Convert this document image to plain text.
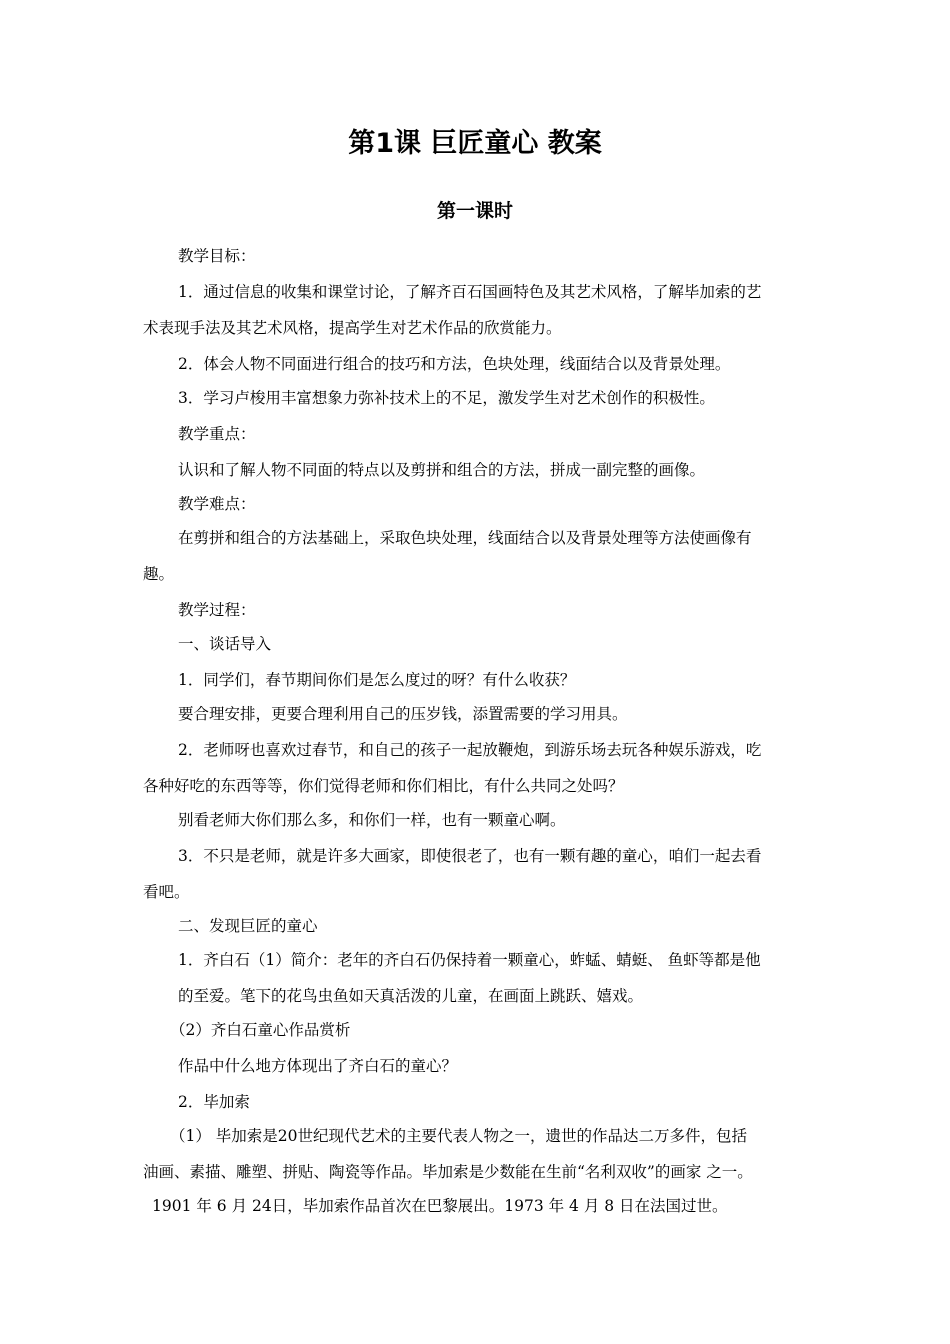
第1课 巨匠童心 教案
第一课时
教学目标：
1．通过信息的收集和课堂讨论，了解齐百石国画特色及其艺术风格，了解毕加索的艺
术表现手法及其艺术风格，提高学生对艺术作品的欣赏能力。
2．体会人物不同面进行组合的技巧和方法，色块处理，线面结合以及背景处理。
3．学习卢梭用丰富想象力弥补技术上的不足，激发学生对艺术创作的积极性。
教学重点：
认识和了解人物不同面的特点以及剪拼和组合的方法，拼成一副完整的画像。
教学难点：
在剪拼和组合的方法基础上，采取色块处理，线面结合以及背景处理等方法使画像有
趣。
教学过程：
一、谈话导入
1．同学们，春节期间你们是怎么度过的呀？有什么收获？
要合理安排，更要合理利用自己的压岁钱，添置需要的学习用具。
2．老师呀也喜欢过春节，和自己的孩子一起放鞭炮，到游乐场去玩各种娱乐游戏，吃
各种好吃的东西等等，你们觉得老师和你们相比，有什么共同之处吗？
别看老师大你们那么多，和你们一样，也有一颗童心啊。
3．不只是老师，就是许多大画家，即使很老了，也有一颗有趣的童心，咱们一起去看
看吧。
二、发现巨匠的童心
1．齐白石（1）简介：老年的齐白石仍保持着一颗童心，蚱蜢、蜻蜓、 鱼虾等都是他
的至爱。笔下的花鸟虫鱼如天真活泼的儿童，在画面上跳跃、嬉戏。
（2）齐白石童心作品赏析
作品中什么地方体现出了齐白石的童心？
2．毕加索
（1） 毕加索是20世纪现代艺术的主要代表人物之一，遗世的作品达二万多件，包括
油画、素描、雕塑、拼贴、陶瓷等作品。毕加索是少数能在生前“名利双收”的画家 之一。
1901 年 6 月 24日，毕加索作品首次在巴黎展出。1973 年 4 月 8 日在法国过世。
